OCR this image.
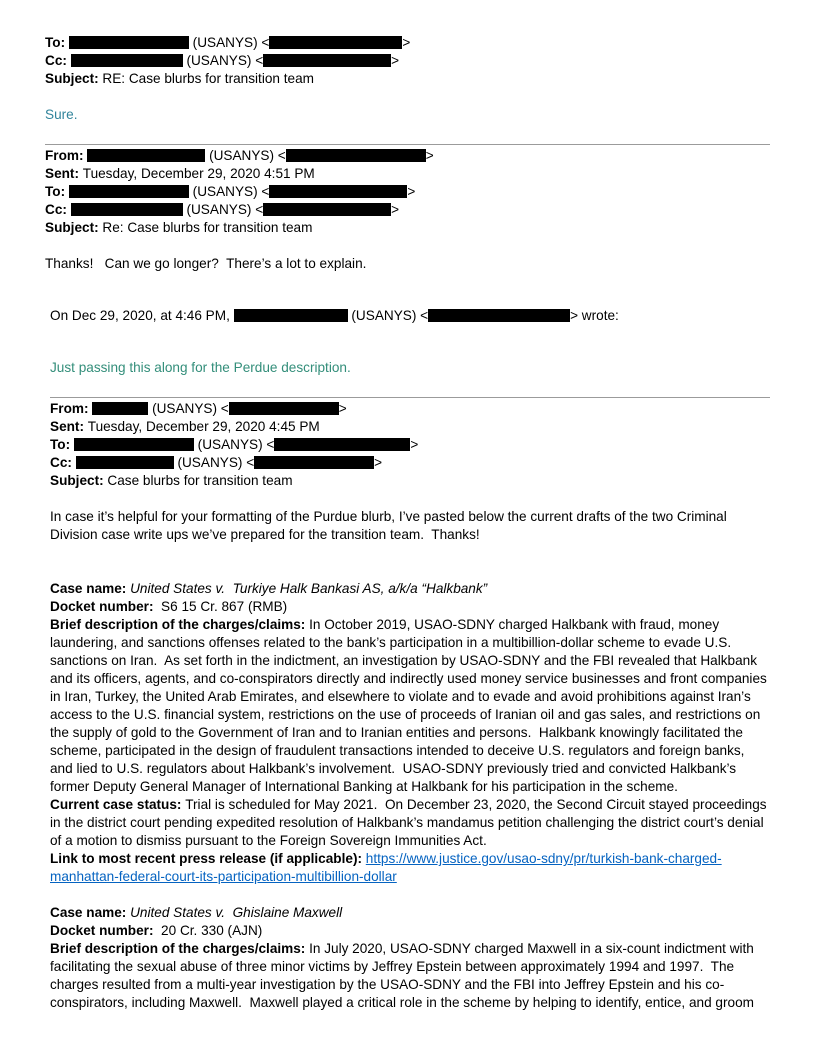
To:	(USANYS) <	>
Cc:	(USANYS) <	>
Subject: RE: Case blurbs for transition team

Sure.

From:	(USANYS) <	>
Sent: Tuesday, December 29, 2020 4:51 PM
To:	(USANYS) <	>
Cc:	(USANYS) <	>
Subject: Re: Case blurbs for transition team

Thanks!   Can we go longer?  There’s a lot to explain.

On Dec 29, 2020, at 4:46 PM,	(USANYS) <	> wrote:

Just passing this along for the Perdue description.

From:	(USANYS) <	>
Sent: Tuesday, December 29, 2020 4:45 PM
To:	(USANYS) <	>
Cc:	(USANYS) <	>
Subject: Case blurbs for transition team

In case it’s helpful for your formatting of the Purdue blurb, I’ve pasted below the current drafts of the two Criminal Division case write ups we’ve prepared for the transition team.  Thanks!

Case name: United States v.  Turkiye Halk Bankasi AS, a/k/a “Halkbank”
Docket number:  S6 15 Cr. 867 (RMB)
Brief description of the charges/claims: In October 2019, USAO-SDNY charged Halkbank with fraud, money laundering, and sanctions offenses related to the bank’s participation in a multibillion-dollar scheme to evade U.S. sanctions on Iran.  As set forth in the indictment, an investigation by USAO-SDNY and the FBI revealed that Halkbank and its officers, agents, and co-conspirators directly and indirectly used money service businesses and front companies in Iran, Turkey, the United Arab Emirates, and elsewhere to violate and to evade and avoid prohibitions against Iran’s access to the U.S. financial system, restrictions on the use of proceeds of Iranian oil and gas sales, and restrictions on the supply of gold to the Government of Iran and to Iranian entities and persons.  Halkbank knowingly facilitated the scheme, participated in the design of fraudulent transactions intended to deceive U.S. regulators and foreign banks, and lied to U.S. regulators about Halkbank’s involvement.  USAO-SDNY previously tried and convicted Halkbank’s former Deputy General Manager of International Banking at Halkbank for his participation in the scheme.
Current case status: Trial is scheduled for May 2021.  On December 23, 2020, the Second Circuit stayed proceedings in the district court pending expedited resolution of Halkbank’s mandamus petition challenging the district court’s denial of a motion to dismiss pursuant to the Foreign Sovereign Immunities Act.
Link to most recent press release (if applicable): https://www.justice.gov/usao-sdny/pr/turkish-bank-charged-manhattan-federal-court-its-participation-multibillion-dollar
Case name: United States v.  Ghislaine Maxwell
Docket number:  20 Cr. 330 (AJN)
Brief description of the charges/claims: In July 2020, USAO-SDNY charged Maxwell in a six-count indictment with facilitating the sexual abuse of three minor victims by Jeffrey Epstein between approximately 1994 and 1997.  The charges resulted from a multi-year investigation by the USAO-SDNY and the FBI into Jeffrey Epstein and his co-conspirators, including Maxwell.  Maxwell played a critical role in the scheme by helping to identify, entice, and groom
